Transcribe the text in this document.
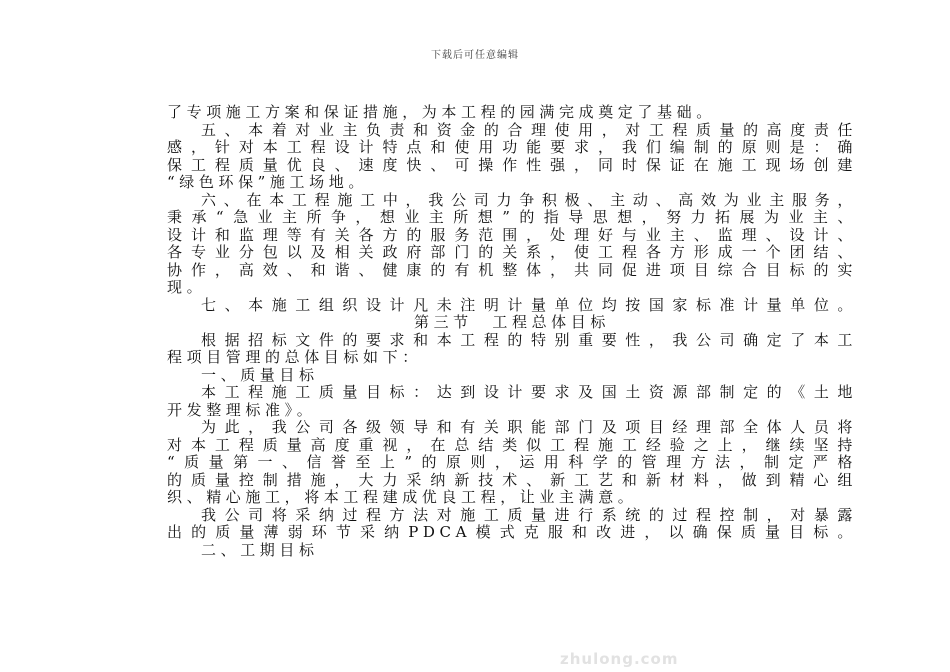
下载后可任意编辑
了专项施工方案和保证措施，为本工程的园满完成奠定了基础。
五、本着对业主负责和资金的合理使用，对工程质量的高度责任
感，针对本工程设计特点和使用功能要求，我们编制的原则是：确
保工程质量优良、速度快、可操作性强，同时保证在施工现场创建
“绿色环保”施工场地。
六、在本工程施工中，我公司力争积极、主动、高效为业主服务，
秉承“急业主所争，想业主所想”的指导思想，努力拓展为业主、
设计和监理等有关各方的服务范围，处理好与业主、监理、设计、
各专业分包以及相关政府部门的关系，使工程各方形成一个团结、
协作，高效、和谐、健康的有机整体，共同促进项目综合目标的实
现。
七、本施工组织设计凡未注明计量单位均按国家标准计量单位。
第三节　工程总体目标
根据招标文件的要求和本工程的特别重要性，我公司确定了本工
程项目管理的总体目标如下：
一、质量目标
本工程施工质量目标：达到设计要求及国土资源部制定的《土地
开发整理标准》。
为此，我公司各级领导和有关职能部门及项目经理部全体人员将
对本工程质量高度重视，在总结类似工程施工经验之上，继续坚持
“质量第一、信誉至上”的原则，运用科学的管理方法，制定严格
的质量控制措施，大力采纳新技术、新工艺和新材料，做到精心组
织、精心施工，将本工程建成优良工程，让业主满意。
我公司将采纳过程方法对施工质量进行系统的过程控制，对暴露
出的质量薄弱环节采纳PDCA模式克服和改进，以确保质量目标。
二、工期目标
zhulong.com
